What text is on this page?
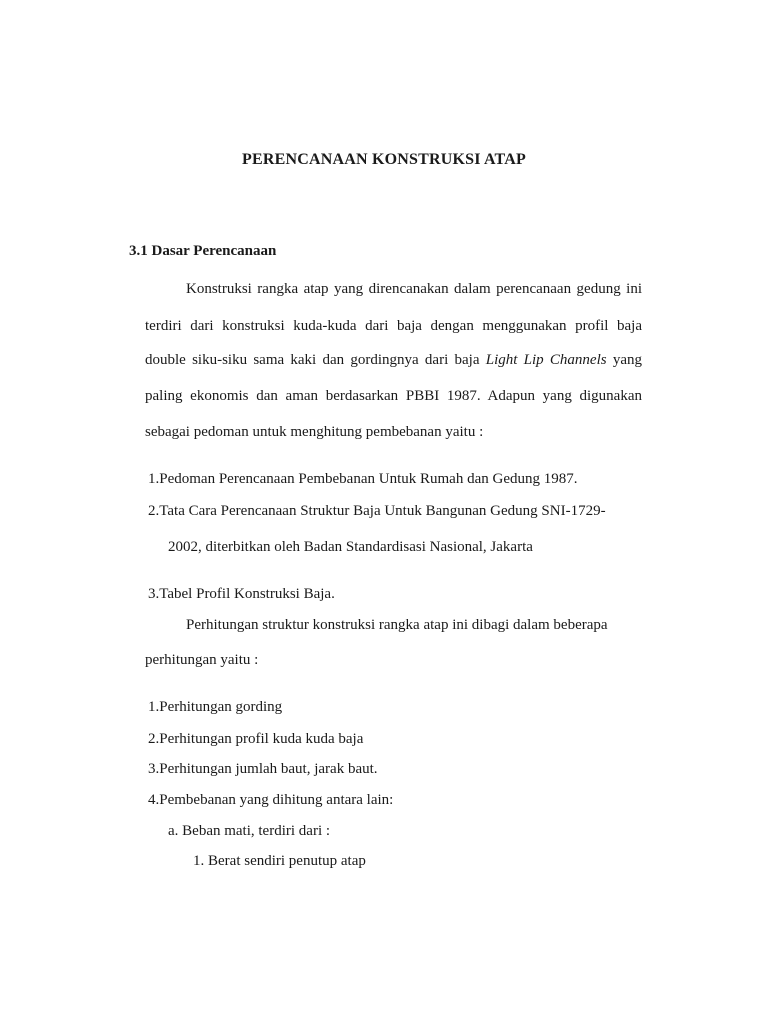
PERENCANAAN KONSTRUKSI ATAP
3.1 Dasar Perencanaan
Konstruksi rangka atap yang direncanakan dalam perencanaan gedung ini
terdiri dari konstruksi kuda-kuda dari baja dengan menggunakan profil baja
double siku-siku sama kaki dan gordingnya dari baja Light Lip Channels yang
paling ekonomis dan aman berdasarkan PBBI 1987. Adapun yang digunakan
sebagai pedoman untuk menghitung pembebanan yaitu :
1.Pedoman Perencanaan Pembebanan Untuk Rumah dan Gedung 1987.
2.Tata Cara Perencanaan Struktur Baja Untuk Bangunan Gedung SNI-1729-
2002, diterbitkan oleh Badan Standardisasi Nasional, Jakarta
3.Tabel Profil Konstruksi Baja.
Perhitungan struktur konstruksi rangka atap ini dibagi dalam beberapa
perhitungan yaitu :
1.Perhitungan gording
2.Perhitungan profil kuda kuda baja
3.Perhitungan jumlah baut, jarak baut.
4.Pembebanan yang dihitung antara lain:
a. Beban mati, terdiri dari :
1. Berat sendiri penutup atap
